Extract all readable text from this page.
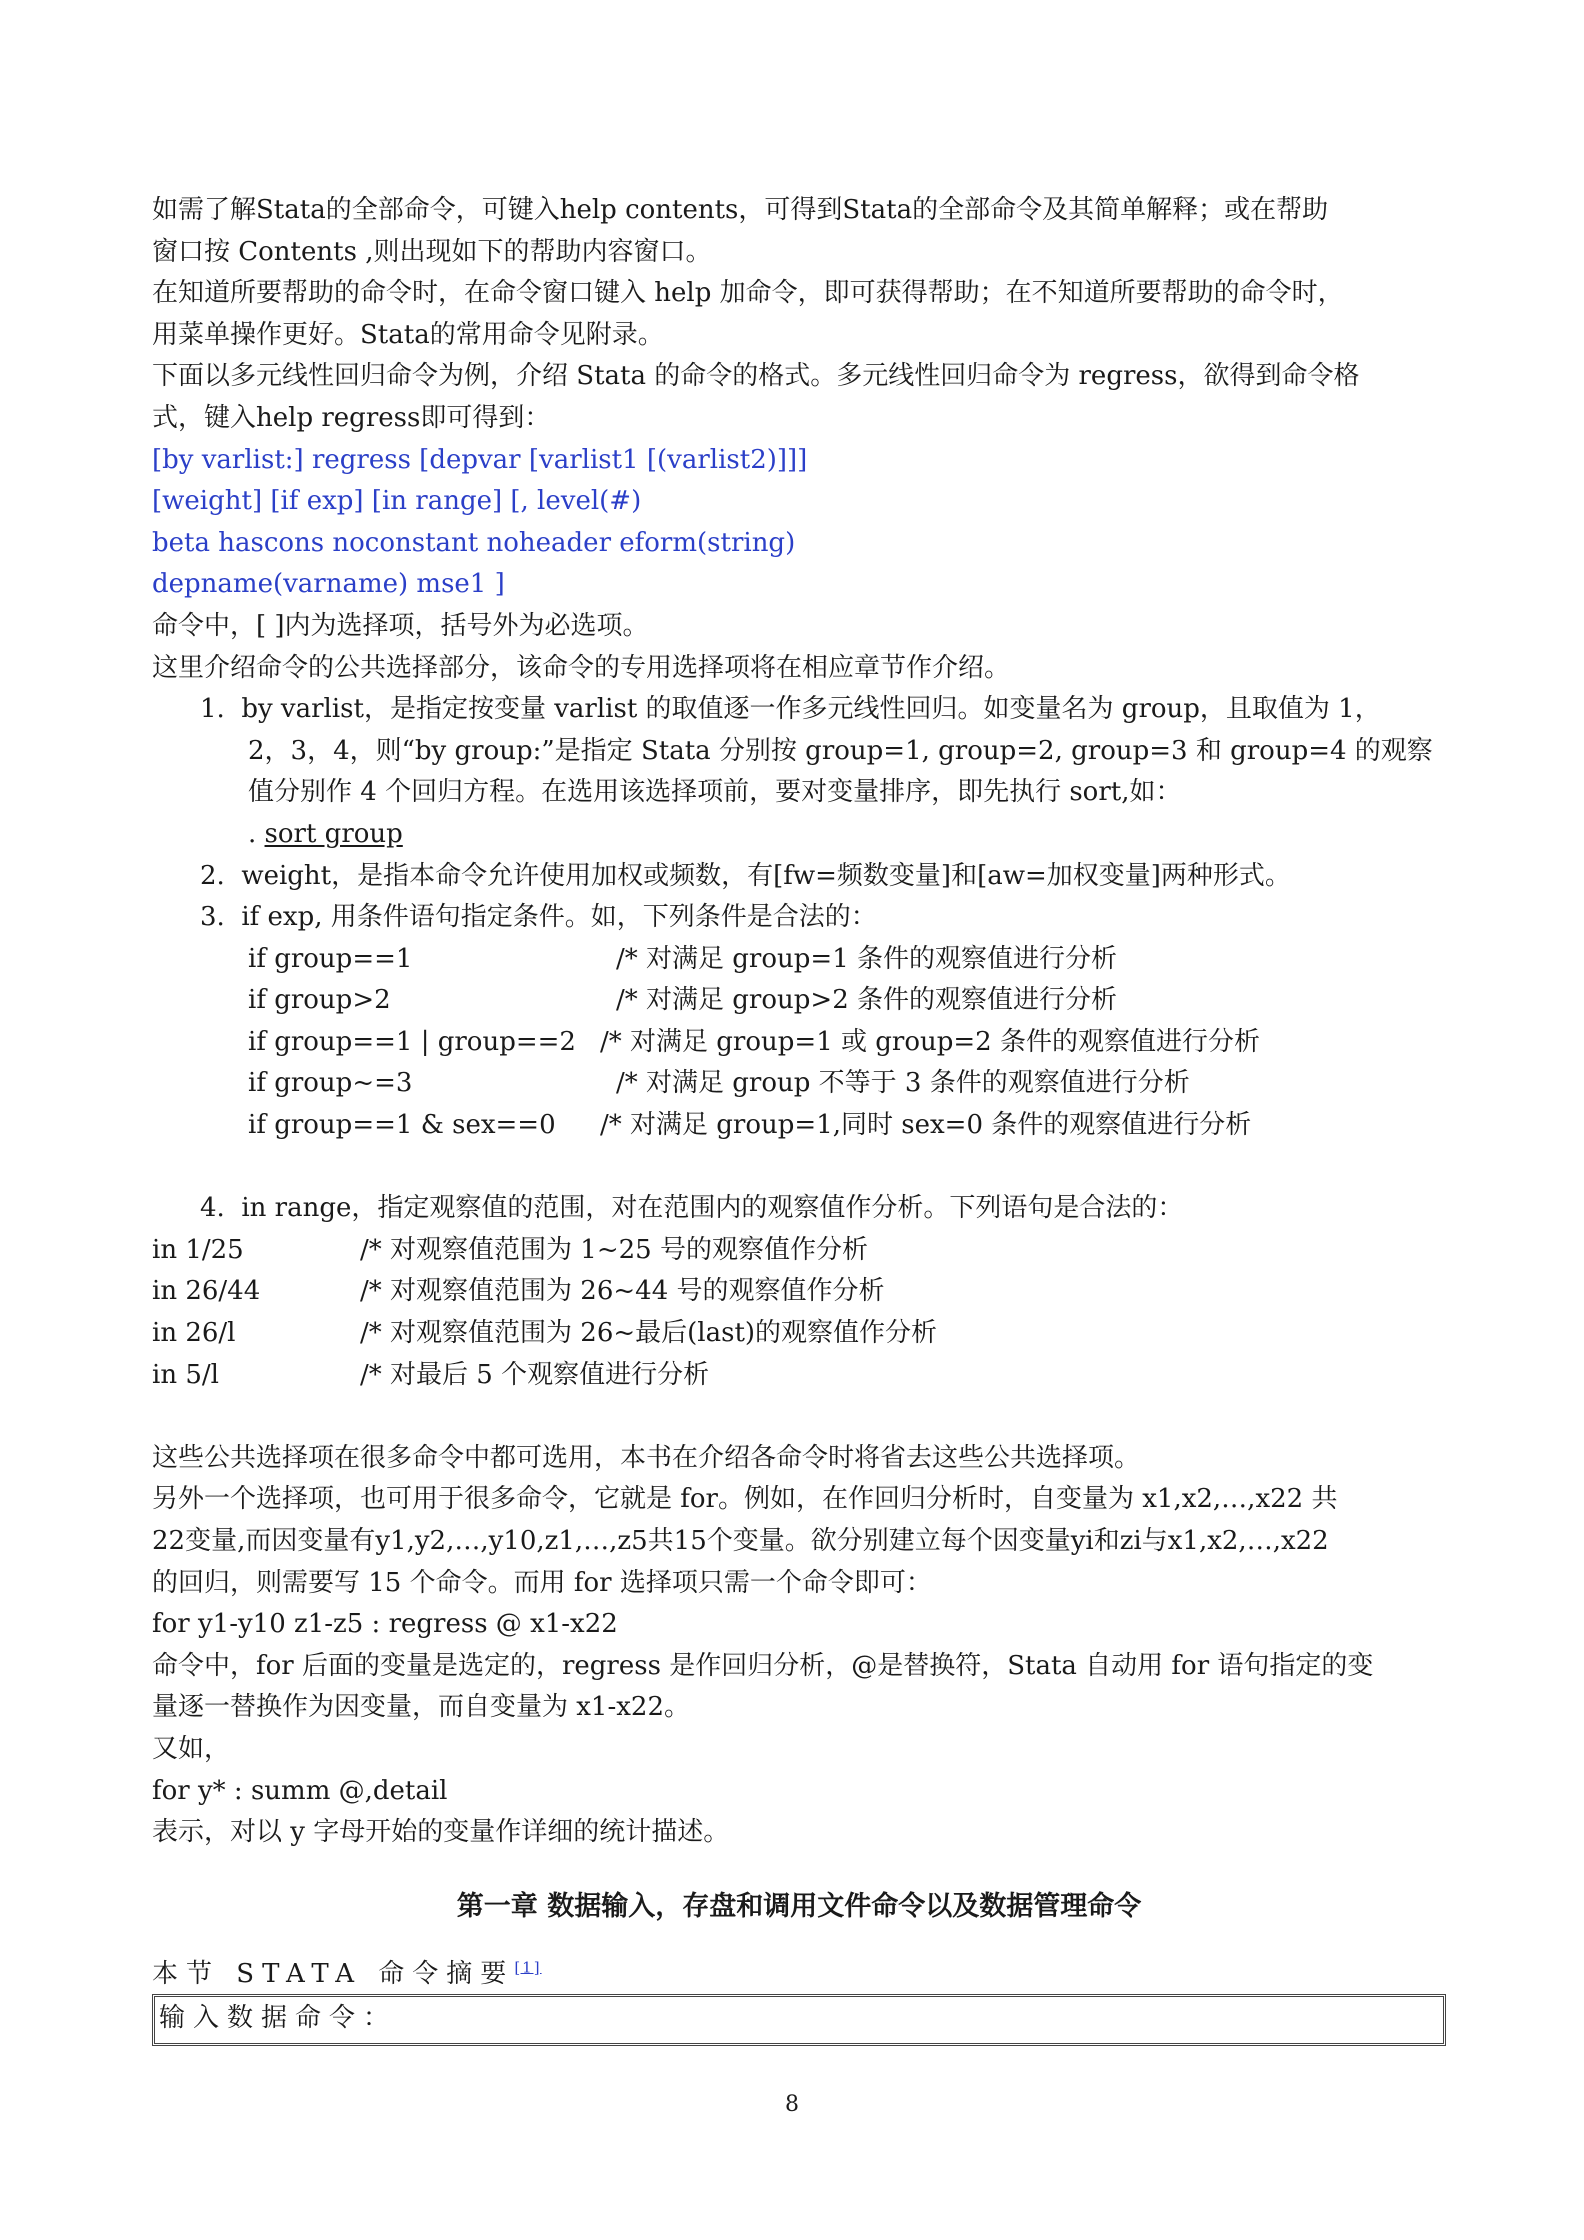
如需了解Stata的全部命令，可键入help contents，可得到Stata的全部命令及其简单解释；或在帮助

窗口按 Contents ,则出现如下的帮助内容窗口。

在知道所要帮助的命令时，在命令窗口键入 help 加命令，即可获得帮助；在不知道所要帮助的命令时，

用菜单操作更好。Stata的常用命令见附录。

下面以多元线性回归命令为例，介绍 Stata 的命令的格式。多元线性回归命令为 regress，欲得到命令格

式，键入help regress即可得到：

[by varlist:] regress [depvar [varlist1 [(varlist2)]]]

[weight] [if exp] [in range] [, level(#)

beta hascons noconstant noheader eform(string)

depname(varname) mse1 ]

命令中，[ ]内为选择项，括号外为必选项。

这里介绍命令的公共选择部分，该命令的专用选择项将在相应章节作介绍。

1.  by varlist，是指定按变量 varlist 的取值逐一作多元线性回归。如变量名为 group，且取值为 1，

2，3，4，则“by group:”是指定 Stata 分别按 group=1, group=2, group=3 和 group=4 的观察

值分别作 4 个回归方程。在选用该选择项前，要对变量排序，即先执行 sort,如：

. sort group

2.  weight，是指本命令允许使用加权或频数，有[fw=频数变量]和[aw=加权变量]两种形式。

3.  if exp, 用条件语句指定条件。如，下列条件是合法的：

if group==1	/* 对满足 group=1 条件的观察值进行分析
if group>2	/* 对满足 group>2 条件的观察值进行分析
if group==1 | group==2 /* 对满足 group=1 或 group=2 条件的观察值进行分析
if group~=3	/* 对满足 group 不等于 3 条件的观察值进行分析
if group==1 & sex==0	/* 对满足 group=1,同时 sex=0 条件的观察值进行分析

4.  in range，指定观察值的范围，对在范围内的观察值作分析。下列语句是合法的：

in 1/25	/* 对观察值范围为 1~25 号的观察值作分析
in 26/44	/* 对观察值范围为 26~44 号的观察值作分析
in 26/l	/* 对观察值范围为 26~最后(last)的观察值作分析
in 5/l	/* 对最后 5 个观察值进行分析

这些公共选择项在很多命令中都可选用，本书在介绍各命令时将省去这些公共选择项。

另外一个选择项，也可用于很多命令，它就是 for。例如，在作回归分析时，自变量为 x1,x2,…,x22 共

22变量,而因变量有y1,y2,…,y10,z1,…,z5共15个变量。欲分别建立每个因变量yi和zi与x1,x2,…,x22

的回归，则需要写 15 个命令。而用 for 选择项只需一个命令即可：

for y1-y10 z1-z5 : regress @ x1-x22

命令中，for 后面的变量是选定的，regress 是作回归分析，@是替换符，Stata 自动用 for 语句指定的变

量逐一替换作为因变量，而自变量为 x1-x22。

又如，

for y* : summ @,detail

表示，对以 y 字母开始的变量作详细的统计描述。

第一章 数据输入，存盘和调用文件命令以及数据管理命令
本节 STATA 命令摘要[1]
输入数据命令：
8
